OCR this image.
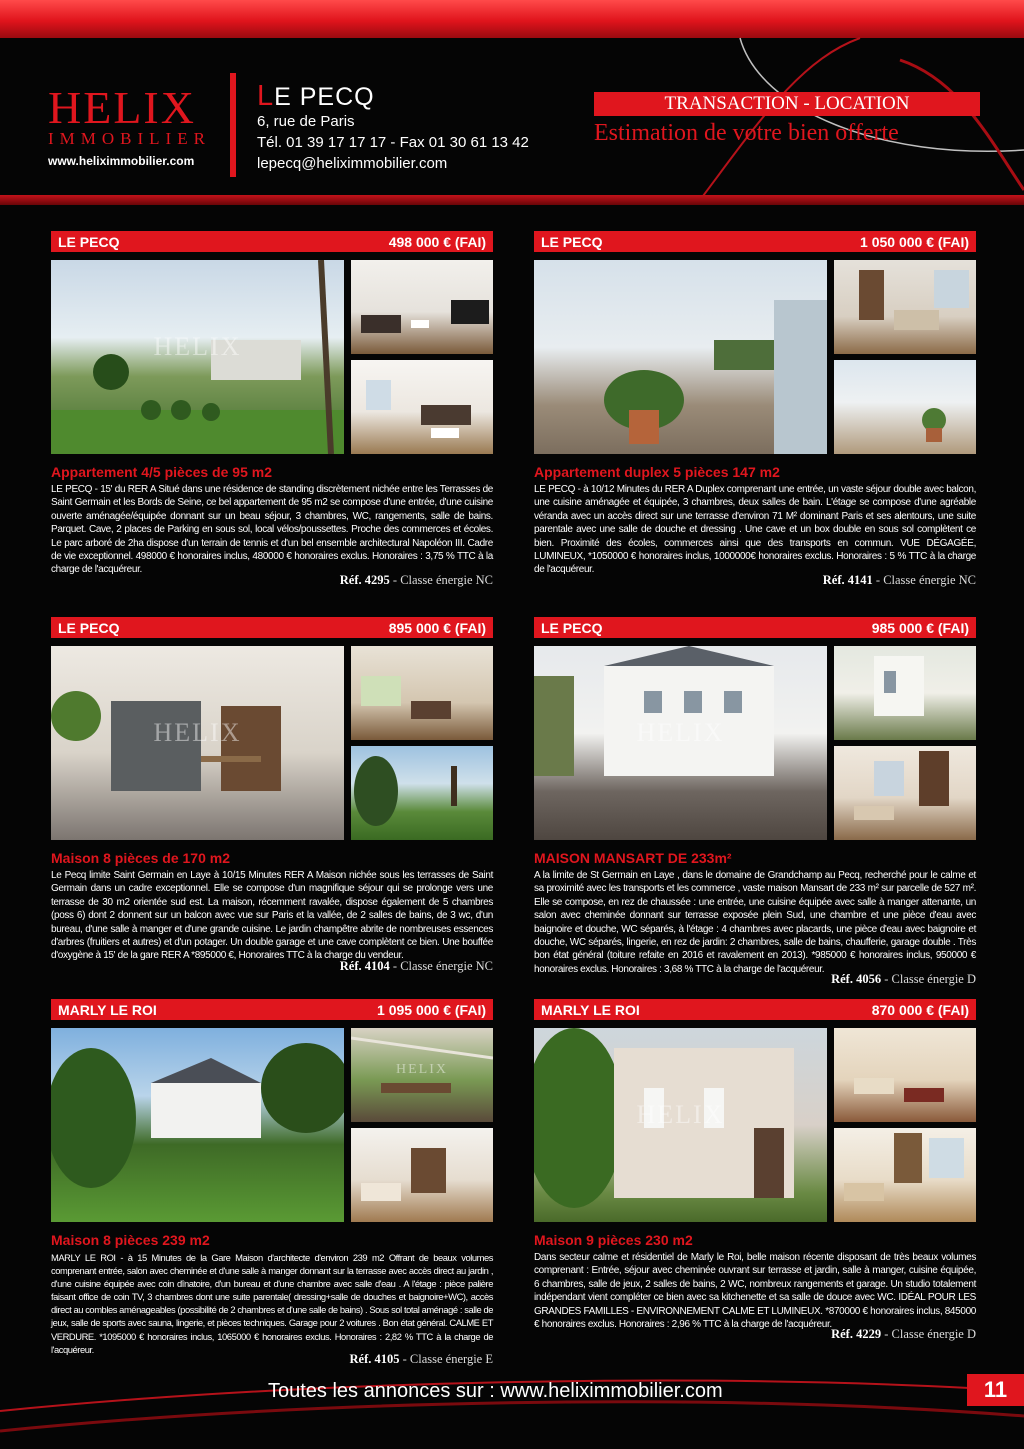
HELIX
IMMOBILIER
www.heliximmobilier.com
LE PECQ
6, rue de Paris
Tél. 01 39 17 17 17 - Fax 01 30 61 13 42
lepecq@heliximmobilier.com
TRANSACTION - LOCATION
Estimation de votre bien offerte
LE PECQ	498 000 € (FAI)
HELIX
Appartement 4/5 pièces de 95 m2
LE PECQ - 15' du RER A Situé dans une résidence de standing discrètement nichée entre les Terrasses de Saint Germain et les Bords de Seine, ce bel appartement de 95 m2 se compose d'une entrée, d'une cuisine ouverte aménagée/équipée donnant sur un beau séjour, 3 chambres, WC, rangements, salle de bains. Parquet. Cave, 2 places de Parking en sous sol, local vélos/poussettes. Proche des commerces et écoles. Le parc arboré de 2ha dispose d'un terrain de tennis et d'un bel ensemble architectural Napoléon III. Cadre de vie exceptionnel. 498000 € honoraires inclus, 480000 € honoraires exclus. Honoraires : 3,75 % TTC à la charge de l'acquéreur.
Réf. 4295 - Classe énergie NC
LE PECQ	1 050 000 € (FAI)
Appartement duplex 5 pièces 147 m2
LE PECQ - à 10/12 Minutes du RER A Duplex comprenant une entrée, un vaste séjour double avec balcon, une cuisine aménagée et équipée, 3 chambres, deux salles de bain. L'étage se compose d'une agréable véranda avec un accès direct sur une terrasse d'environ 71 M² dominant Paris et ses alentours, une suite parentale avec une salle de douche et dressing . Une cave et un box double en sous sol complètent ce bien. Proximité des écoles, commerces ainsi que des transports en commun. VUE DÉGAGÉE, LUMINEUX, *1050000 € honoraires inclus, 1000000€ honoraires exclus. Honoraires : 5 % TTC à la charge de l'acquéreur.
Réf. 4141 - Classe énergie NC
LE PECQ	895 000 € (FAI)
HELIX
Maison 8 pièces de 170 m2
Le Pecq limite Saint Germain en Laye à 10/15 Minutes RER A Maison nichée sous les terrasses de Saint Germain dans un cadre exceptionnel. Elle se compose d'un magnifique séjour qui se prolonge vers une terrasse de 30 m2 orientée sud est. La maison, récemment ravalée, dispose également de 5 chambres (poss 6) dont 2 donnent sur un balcon avec vue sur Paris et la vallée, de 2 salles de bains, de 3 wc, d'un bureau, d'une salle à manger et d'une grande cuisine. Le jardin champêtre abrite de nombreuses essences d'arbres (fruitiers et autres) et d'un potager. Un double garage et une cave complètent ce bien. Une bouffée d'oxygène à 15' de la gare RER A *895000 €, Honoraires TTC à la charge du vendeur.
Réf. 4104 - Classe énergie NC
LE PECQ	985 000 € (FAI)
HELIX
MAISON MANSART DE 233m²
A la limite de St Germain en Laye , dans le domaine de Grandchamp au Pecq, recherché pour le calme et sa proximité avec les transports et les commerce , vaste maison Mansart de 233 m² sur parcelle de 527 m². Elle se compose, en rez de chaussée : une entrée, une cuisine équipée avec salle à manger attenante, un salon avec cheminée donnant sur terrasse exposée plein Sud, une chambre et une pièce d'eau avec baignoire et douche, WC séparés, à l'étage : 4 chambres avec placards, une pièce d'eau avec baignoire et douche, WC séparés, lingerie, en rez de jardin: 2 chambres, salle de bains, chaufferie, garage double . Très bon état général (toiture refaite en 2016 et ravalement en 2013). *985000 € honoraires inclus, 950000 € honoraires exclus. Honoraires : 3,68 % TTC à la charge de l'acquéreur.
Réf. 4056 - Classe énergie D
MARLY LE ROI	1 095 000 € (FAI)
HELIX
Maison 8 pièces 239 m2
MARLY LE ROI - à 15 Minutes de la Gare Maison d'architecte d'environ 239 m2 Offrant de beaux volumes comprenant entrée, salon avec cheminée et d'une salle à manger donnant sur la terrasse avec accès direct au jardin , d'une cuisine équipée avec coin dînatoire, d'un bureau et d'une chambre avec salle d'eau . A l'étage : pièce palière faisant office de coin TV, 3 chambres dont une suite parentale( dressing+salle de douches et baignoire+WC), accès direct au combles aménageables (possibilité de 2 chambres et d'une salle de bains) . Sous sol total aménagé : salle de jeux, salle de sports avec sauna, lingerie, et pièces techniques. Garage pour 2 voitures . Bon état général. CALME ET VERDURE. *1095000 € honoraires inclus, 1065000 € honoraires exclus. Honoraires : 2,82 % TTC à la charge de l'acquéreur.
Réf. 4105 - Classe énergie E
MARLY LE ROI	870 000 € (FAI)
HELIX
Maison 9 pièces 230 m2
Dans secteur calme et résidentiel de Marly le Roi, belle maison récente disposant de très beaux volumes comprenant : Entrée, séjour avec cheminée ouvrant sur terrasse et jardin, salle à manger, cuisine équipée, 6 chambres, salle de jeux, 2 salles de bains, 2 WC, nombreux rangements et garage. Un studio totalement indépendant vient compléter ce bien avec sa kitchenette et sa salle de douce avec WC. IDÉAL POUR LES GRANDES FAMILLES - ENVIRONNEMENT CALME ET LUMINEUX. *870000 € honoraires inclus, 845000 € honoraires exclus. Honoraires : 2,96 % TTC à la charge de l'acquéreur.
Réf. 4229 - Classe énergie D
Toutes les annonces sur : www.heliximmobilier.com	11
